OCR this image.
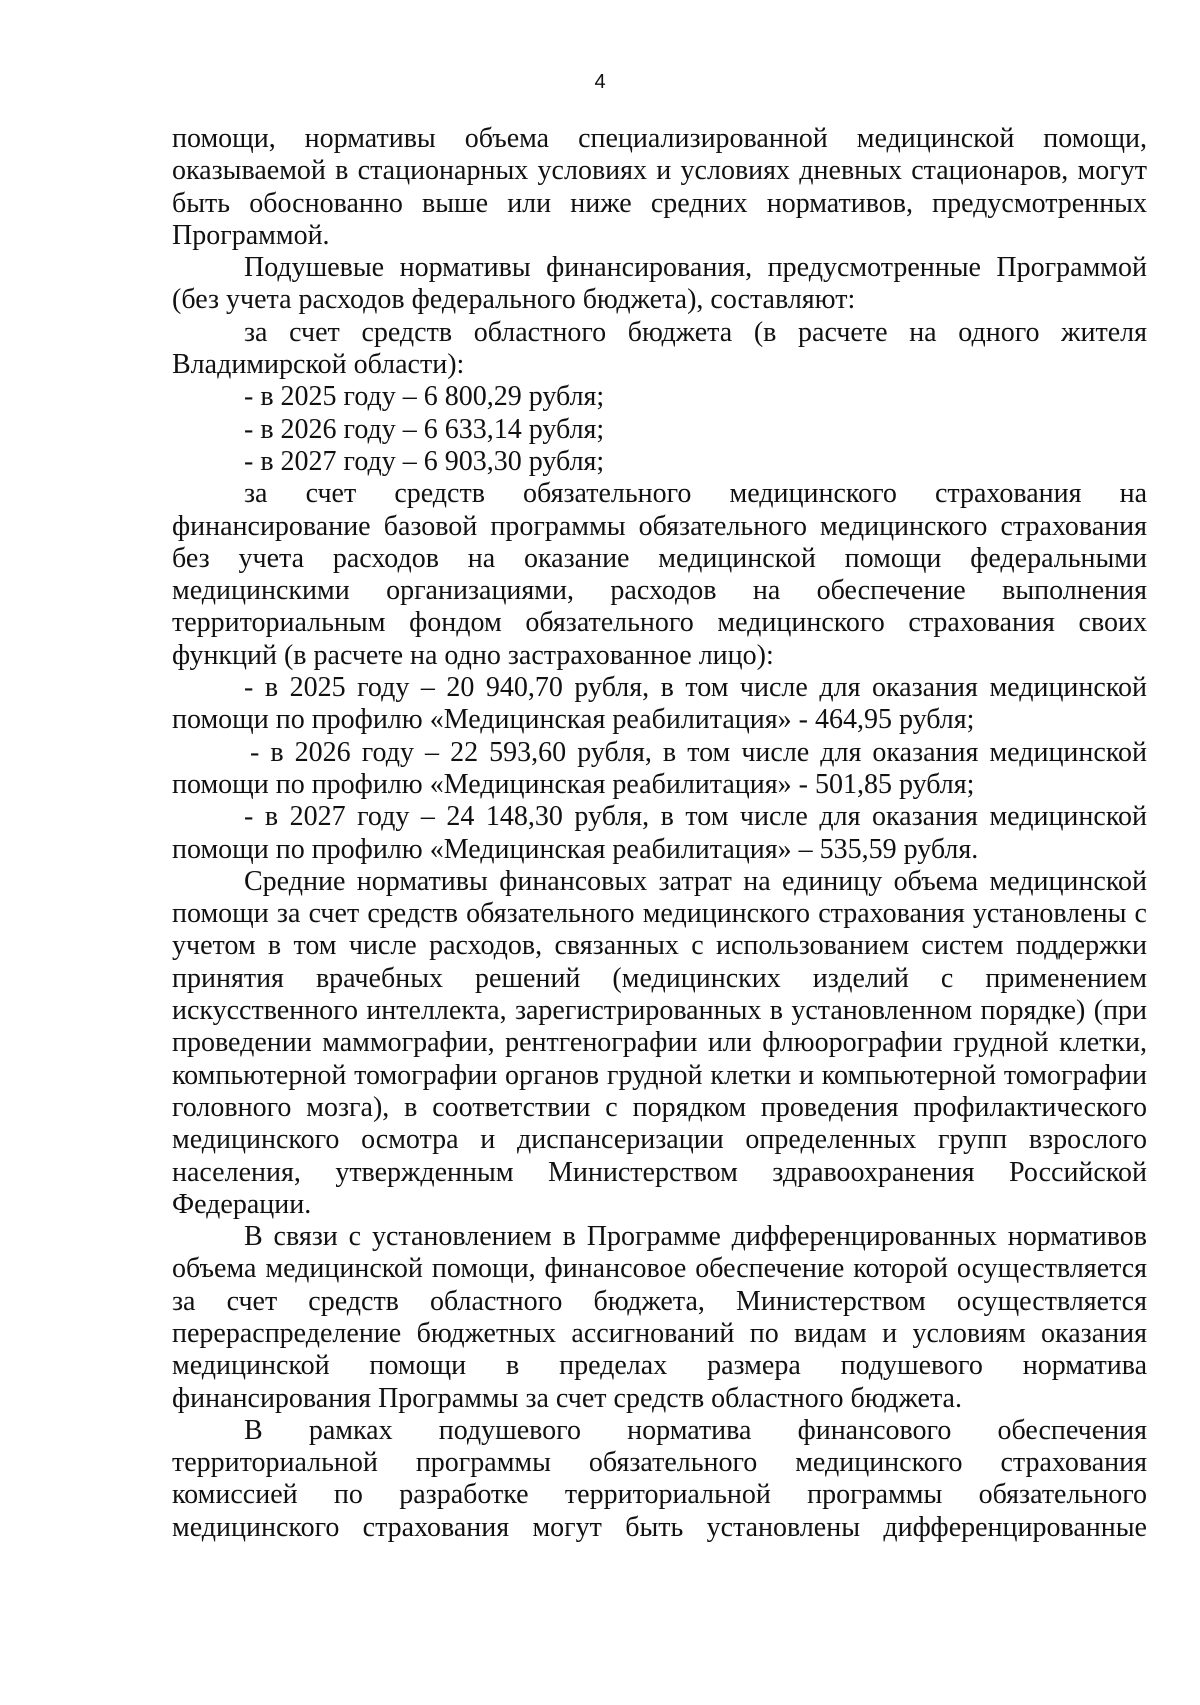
4

помощи, нормативы объема специализированной медицинской помощи, оказываемой в стационарных условиях и условиях дневных стационаров, могут быть обоснованно выше или ниже средних нормативов, предусмотренных Программой.

Подушевые нормативы финансирования, предусмотренные Программой (без учета расходов федерального бюджета), составляют:

за счет средств областного бюджета (в расчете на одного жителя Владимирской области):

- в 2025 году – 6 800,29 рубля;

- в 2026 году – 6 633,14 рубля;

- в 2027 году – 6 903,30 рубля;

за счет средств обязательного медицинского страхования на финансирование базовой программы обязательного медицинского страхования без учета расходов на оказание медицинской помощи федеральными медицинскими организациями, расходов на обеспечение выполнения территориальным фондом обязательного медицинского страхования своих функций (в расчете на одно застрахованное лицо):

- в 2025 году – 20 940,70 рубля, в том числе для оказания медицинской помощи по профилю «Медицинская реабилитация» - 464,95 рубля;

- в 2026 году – 22 593,60 рубля, в том числе для оказания медицинской помощи по профилю «Медицинская реабилитация» - 501,85 рубля;

- в 2027 году – 24 148,30 рубля, в том числе для оказания медицинской помощи по профилю «Медицинская реабилитация» – 535,59 рубля.

Средние нормативы финансовых затрат на единицу объема медицинской помощи за счет средств обязательного медицинского страхования установлены с учетом в том числе расходов, связанных с использованием систем поддержки принятия врачебных решений (медицинских изделий с применением искусственного интеллекта, зарегистрированных в установленном порядке) (при проведении маммографии, рентгенографии или флюорографии грудной клетки, компьютерной томографии органов грудной клетки и компьютерной томографии головного мозга), в соответствии с порядком проведения профилактического медицинского осмотра и диспансеризации определенных групп взрослого населения, утвержденным Министерством здравоохранения Российской Федерации.

В связи с установлением в Программе дифференцированных нормативов объема медицинской помощи, финансовое обеспечение которой осуществляется за счет средств областного бюджета, Министерством осуществляется перераспределение бюджетных ассигнований по видам и условиям оказания медицинской помощи в пределах размера подушевого норматива финансирования Программы за счет средств областного бюджета.

В рамках подушевого норматива финансового обеспечения территориальной программы обязательного медицинского страхования комиссией по разработке территориальной программы обязательного медицинского страхования могут быть установлены дифференцированные
